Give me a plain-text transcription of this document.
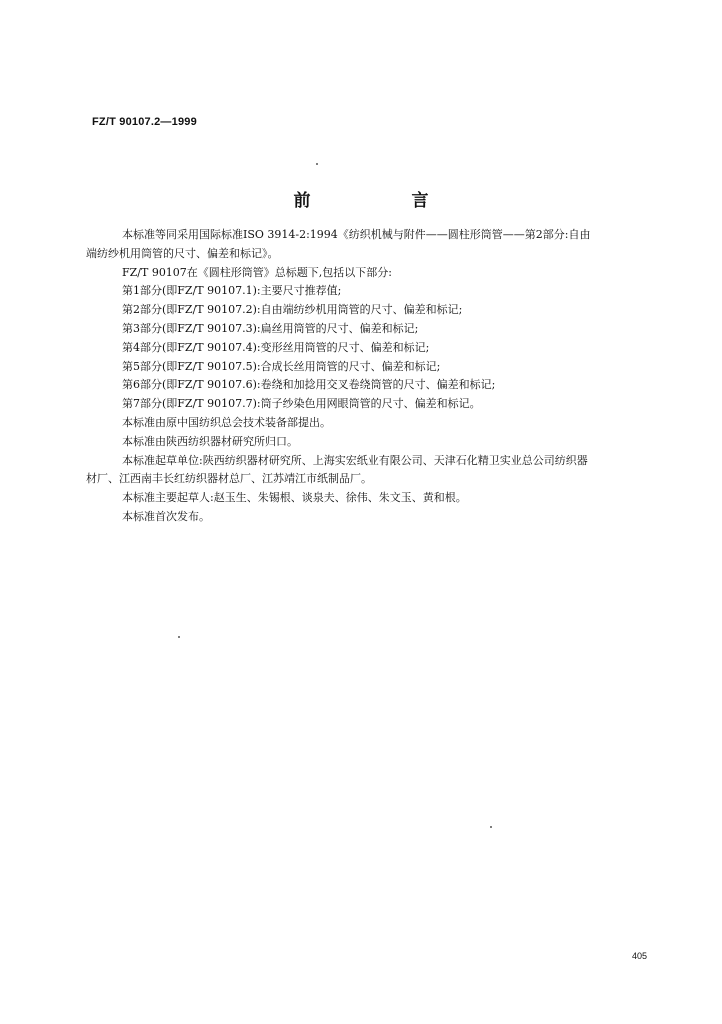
FZ/T 90107.2—1999
前　言

本标准等同采用国际标准ISO 3914-2:1994《纺织机械与附件——圆柱形筒管——第2部分:自由

端纺纱机用筒管的尺寸、偏差和标记》。

FZ/T 90107在《圆柱形筒管》总标题下,包括以下部分:

第1部分(即FZ/T 90107.1):主要尺寸推荐值;

第2部分(即FZ/T 90107.2):自由端纺纱机用筒管的尺寸、偏差和标记;

第3部分(即FZ/T 90107.3):扁丝用筒管的尺寸、偏差和标记;

第4部分(即FZ/T 90107.4):变形丝用筒管的尺寸、偏差和标记;

第5部分(即FZ/T 90107.5):合成长丝用筒管的尺寸、偏差和标记;

第6部分(即FZ/T 90107.6):卷绕和加捻用交叉卷绕筒管的尺寸、偏差和标记;

第7部分(即FZ/T 90107.7):筒子纱染色用网眼筒管的尺寸、偏差和标记。

本标准由原中国纺织总会技术装备部提出。

本标准由陕西纺织器材研究所归口。

本标准起草单位:陕西纺织器材研究所、上海实宏纸业有限公司、天津石化精卫实业总公司纺织器

材厂、江西南丰长红纺织器材总厂、江苏靖江市纸制品厂。

本标准主要起草人:赵玉生、朱锡根、谈泉夫、徐伟、朱文玉、黄和根。

本标准首次发布。

405
